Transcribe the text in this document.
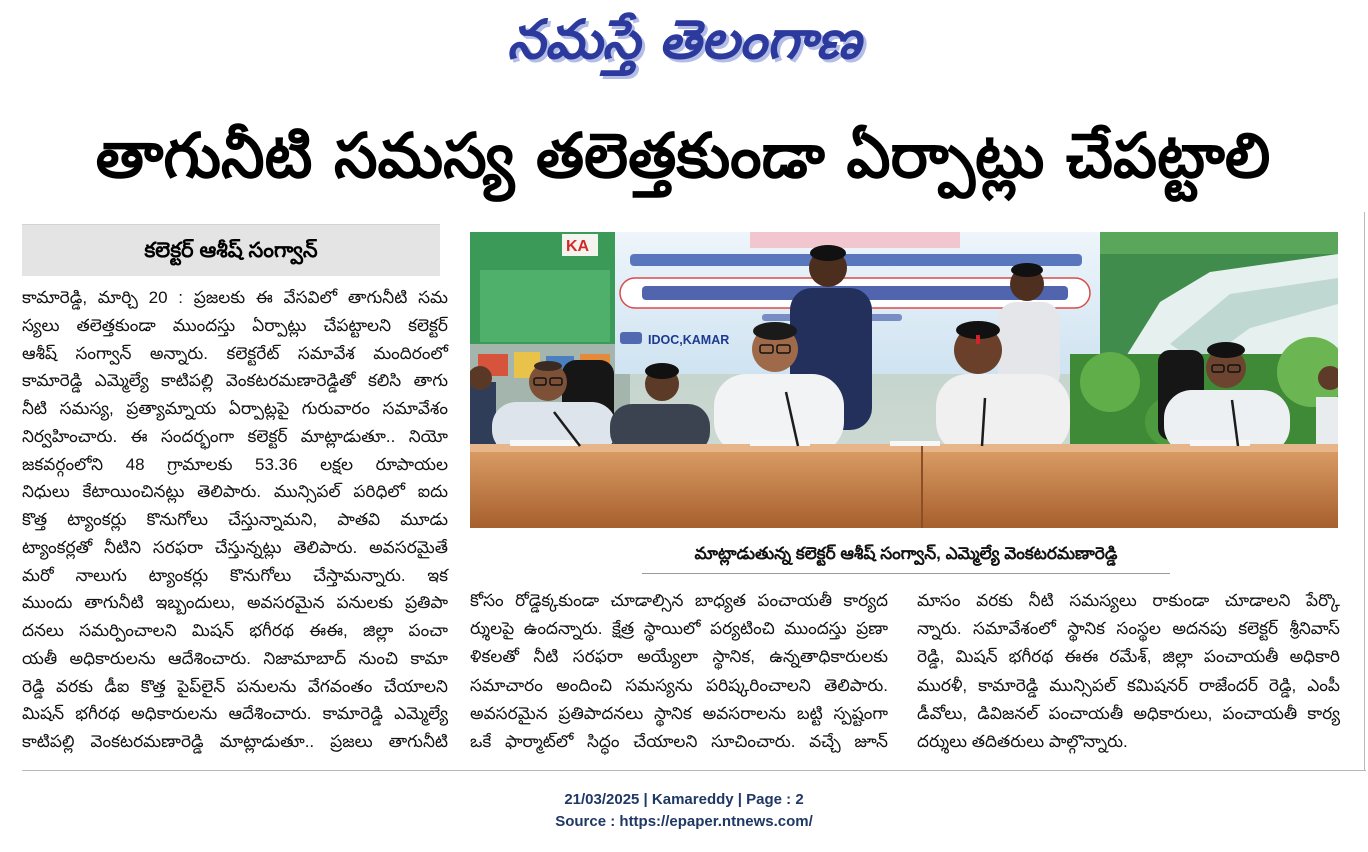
నమస్తే తెలంగాణ
తాగునీటి సమస్య తలెత్తకుండా ఏర్పాట్లు చేపట్టాలి
కలెక్టర్ ఆశీష్ సంగ్వాన్
కామారెడ్డి, మార్చి 20 : ప్రజలకు ఈ వేసవిలో తాగునీటి సమ
స్యలు తలెత్తకుండా ముందస్తు ఏర్పాట్లు చేపట్టాలని కలెక్టర్
ఆశీష్ సంగ్వాన్ అన్నారు. కలెక్టరేట్ సమావేశ మందిరంలో
కామారెడ్డి ఎమ్మెల్యే కాటిపల్లి వెంకటరమణారెడ్డితో కలిసి తాగు
నీటి సమస్య, ప్రత్యామ్నాయ ఏర్పాట్లపై గురువారం సమావేశం
నిర్వహించారు. ఈ సందర్భంగా కలెక్టర్ మాట్లాడుతూ.. నియో
జకవర్గంలోని 48 గ్రామాలకు 53.36 లక్షల రూపాయల
నిధులు కేటాయించినట్లు తెలిపారు. మున్సిపల్ పరిధిలో ఐదు
కొత్త ట్యాంకర్లు కొనుగోలు చేస్తున్నామని, పాతవి మూడు
ట్యాంకర్లతో నీటిని సరఫరా చేస్తున్నట్లు తెలిపారు. అవసరమైతే
మరో నాలుగు ట్యాంకర్లు కొనుగోలు చేస్తామన్నారు. ఇక
ముందు తాగునీటి ఇబ్బందులు, అవసరమైన పనులకు ప్రతిపా
దనలు సమర్పించాలని మిషన్ భగీరథ ఈఈ, జిల్లా పంచా
యతీ అధికారులను ఆదేశించారు. నిజామాబాద్ నుంచి కామా
రెడ్డి వరకు డీఐ కొత్త పైప్‌లైన్ పనులను వేగవంతం చేయాలని
మిషన్ భగీరథ అధికారులను ఆదేశించారు. కామారెడ్డి ఎమ్మెల్యే
కాటిపల్లి వెంకటరమణారెడ్డి మాట్లాడుతూ.. ప్రజలు తాగునీటి
KA
IDOC,KAMAR
మాట్లాడుతున్న కలెక్టర్ ఆశీష్ సంగ్వాన్, ఎమ్మెల్యే వెంకటరమణారెడ్డి
కోసం రోడ్డెక్కకుండా చూడాల్సిన బాధ్యత పంచాయతీ కార్యద
ర్శులపై ఉందన్నారు. క్షేత్ర స్థాయిలో పర్యటించి ముందస్తు ప్రణా
ళికలతో నీటి సరఫరా అయ్యేలా స్థానిక, ఉన్నతాధికారులకు
సమాచారం అందించి సమస్యను పరిష్కరించాలని తెలిపారు.
అవసరమైన ప్రతిపాదనలు స్థానిక అవసరాలను బట్టి స్పష్టంగా
ఒకే ఫార్మాట్‌లో సిద్ధం చేయాలని సూచించారు. వచ్చే జూన్
మాసం వరకు నీటి సమస్యలు రాకుండా చూడాలని పేర్కొ
న్నారు. సమావేశంలో స్థానిక సంస్థల అదనపు కలెక్టర్ శ్రీనివాస్
రెడ్డి, మిషన్ భగీరథ ఈఈ రమేశ్, జిల్లా పంచాయతీ అధికారి
మురళీ, కామారెడ్డి మున్సిపల్ కమిషనర్ రాజేందర్ రెడ్డి, ఎంపీ
డీవోలు, డివిజనల్ పంచాయతీ అధికారులు, పంచాయతీ కార్య
దర్శులు తదితరులు పాల్గొన్నారు.
21/03/2025 | Kamareddy | Page : 2
Source : https://epaper.ntnews.com/
